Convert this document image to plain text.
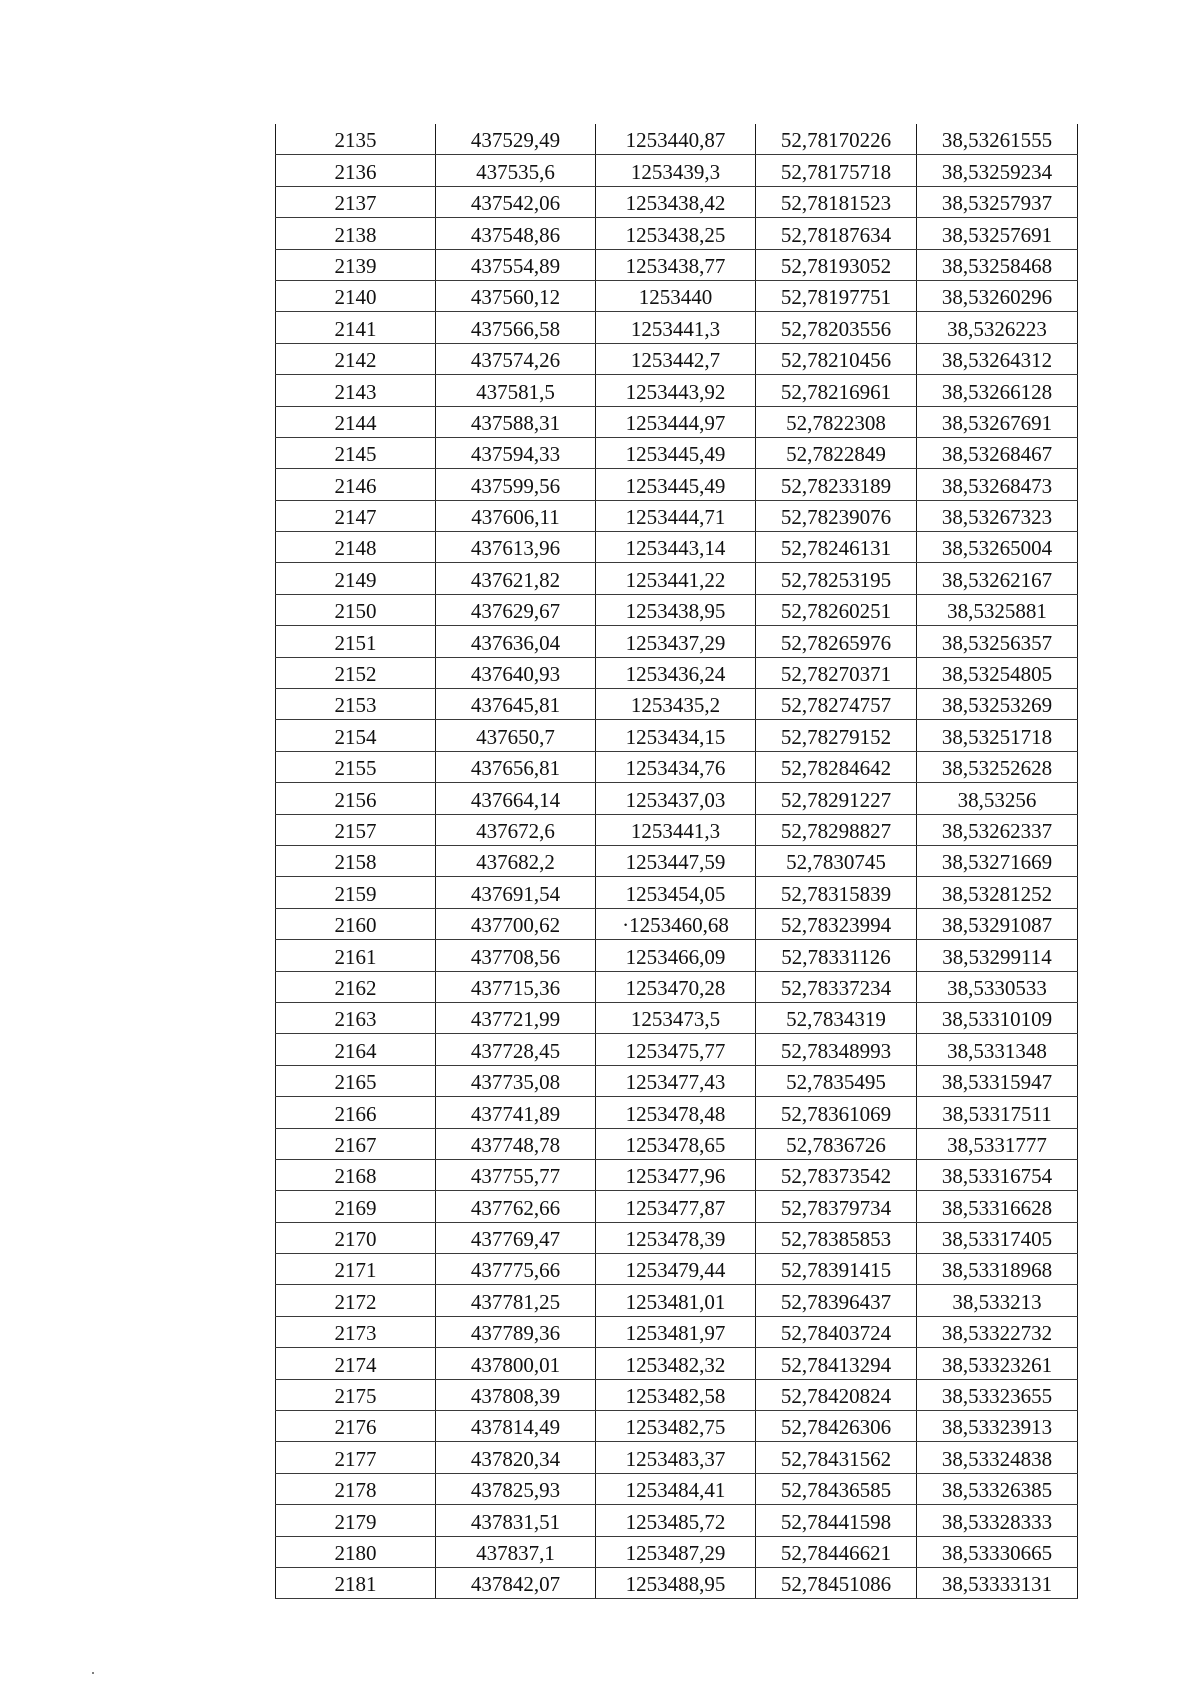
2135	437529,49	1253440,87	52,78170226	38,53261555
2136	437535,6	1253439,3	52,78175718	38,53259234
2137	437542,06	1253438,42	52,78181523	38,53257937
2138	437548,86	1253438,25	52,78187634	38,53257691
2139	437554,89	1253438,77	52,78193052	38,53258468
2140	437560,12	1253440	52,78197751	38,53260296
2141	437566,58	1253441,3	52,78203556	38,5326223
2142	437574,26	1253442,7	52,78210456	38,53264312
2143	437581,5	1253443,92	52,78216961	38,53266128
2144	437588,31	1253444,97	52,7822308	38,53267691
2145	437594,33	1253445,49	52,7822849	38,53268467
2146	437599,56	1253445,49	52,78233189	38,53268473
2147	437606,11	1253444,71	52,78239076	38,53267323
2148	437613,96	1253443,14	52,78246131	38,53265004
2149	437621,82	1253441,22	52,78253195	38,53262167
2150	437629,67	1253438,95	52,78260251	38,5325881
2151	437636,04	1253437,29	52,78265976	38,53256357
2152	437640,93	1253436,24	52,78270371	38,53254805
2153	437645,81	1253435,2	52,78274757	38,53253269
2154	437650,7	1253434,15	52,78279152	38,53251718
2155	437656,81	1253434,76	52,78284642	38,53252628
2156	437664,14	1253437,03	52,78291227	38,53256
2157	437672,6	1253441,3	52,78298827	38,53262337
2158	437682,2	1253447,59	52,7830745	38,53271669
2159	437691,54	1253454,05	52,78315839	38,53281252
2160	437700,62	·1253460,68	52,78323994	38,53291087
2161	437708,56	1253466,09	52,78331126	38,53299114
2162	437715,36	1253470,28	52,78337234	38,5330533
2163	437721,99	1253473,5	52,7834319	38,53310109
2164	437728,45	1253475,77	52,78348993	38,5331348
2165	437735,08	1253477,43	52,7835495	38,53315947
2166	437741,89	1253478,48	52,78361069	38,53317511
2167	437748,78	1253478,65	52,7836726	38,5331777
2168	437755,77	1253477,96	52,78373542	38,53316754
2169	437762,66	1253477,87	52,78379734	38,53316628
2170	437769,47	1253478,39	52,78385853	38,53317405
2171	437775,66	1253479,44	52,78391415	38,53318968
2172	437781,25	1253481,01	52,78396437	38,533213
2173	437789,36	1253481,97	52,78403724	38,53322732
2174	437800,01	1253482,32	52,78413294	38,53323261
2175	437808,39	1253482,58	52,78420824	38,53323655
2176	437814,49	1253482,75	52,78426306	38,53323913
2177	437820,34	1253483,37	52,78431562	38,53324838
2178	437825,93	1253484,41	52,78436585	38,53326385
2179	437831,51	1253485,72	52,78441598	38,53328333
2180	437837,1	1253487,29	52,78446621	38,53330665
2181	437842,07	1253488,95	52,78451086	38,53333131
